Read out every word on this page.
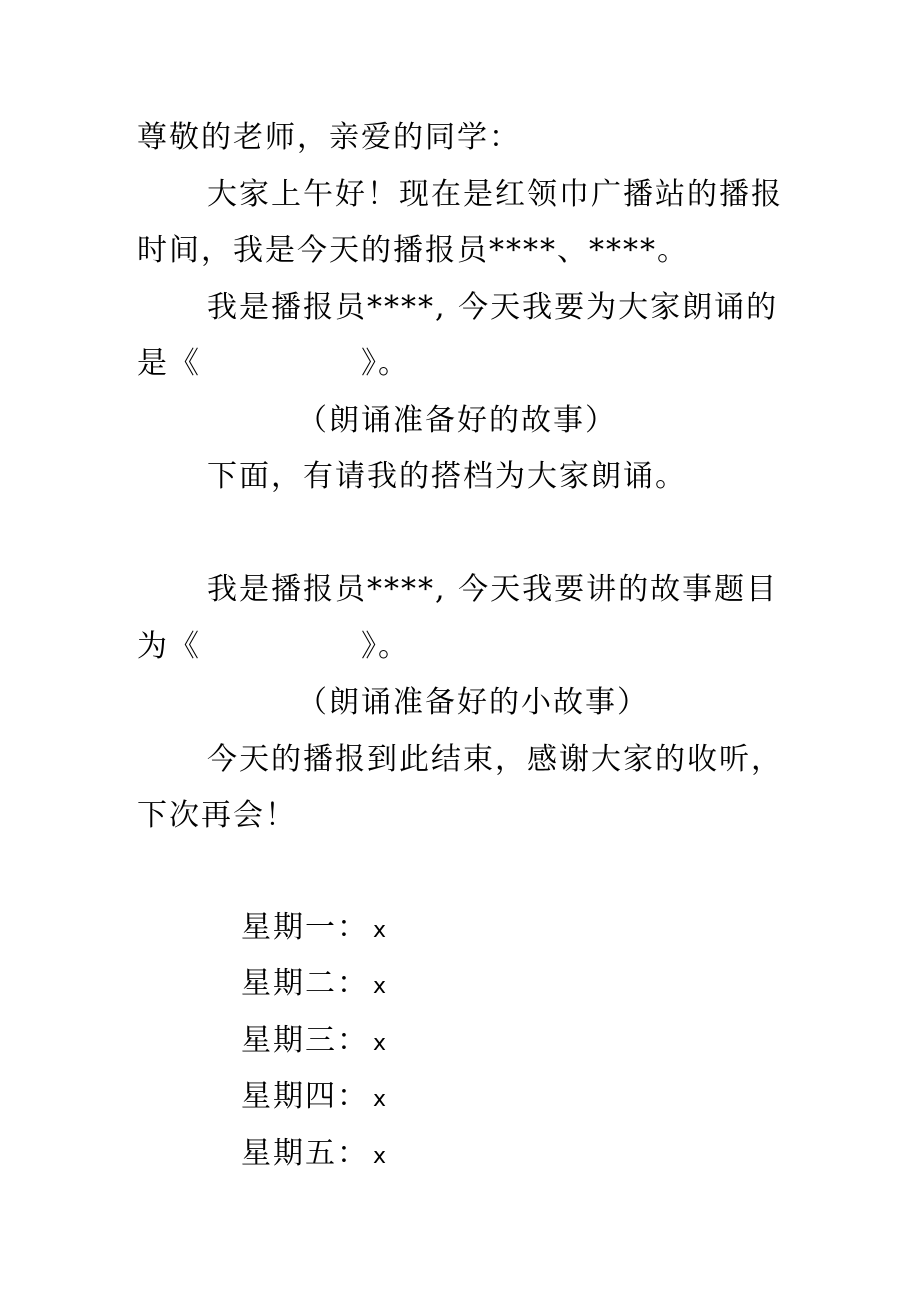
尊敬的老师，亲爱的同学：
大家上午好！现在是红领巾广播站的播报
时间，我是今天的播报员****、****。
我是播报员****, 今天我要为大家朗诵的
是《	》。
（朗诵准备好的故事）
下面，有请我的搭档为大家朗诵。
我是播报员****, 今天我要讲的故事题目
为《	》。
（朗诵准备好的小故事）
今天的播报到此结束，感谢大家的收听，
下次再会！
星期一： x
星期二： x
星期三： x
星期四： x
星期五： x
